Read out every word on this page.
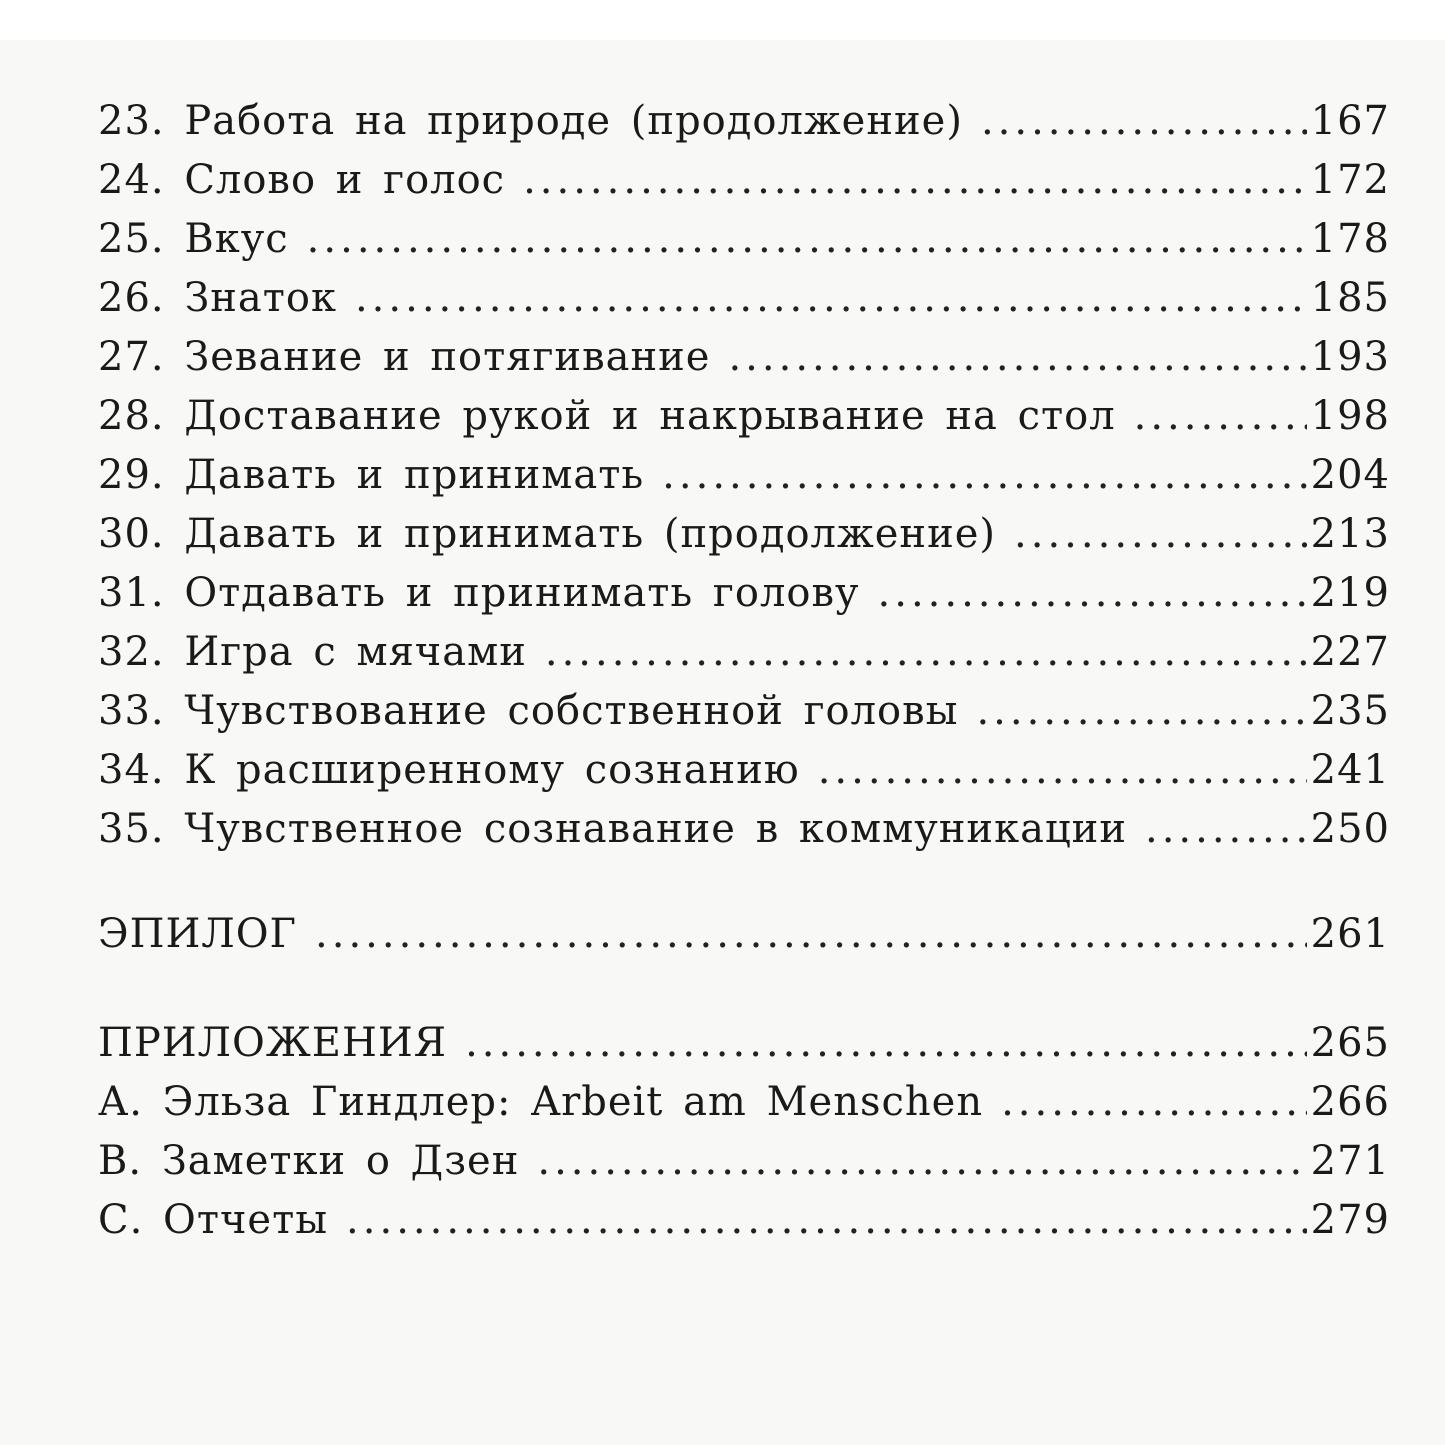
23. Работа на природе (продолжение) .....	167
24. Слово и голос .....	172
25. Вкус .....	178
26. Знаток .....	185
27. Зевание и потягивание .....	193
28. Доставание рукой и накрывание на стол .....	198
29. Давать и принимать .....	204
30. Давать и принимать (продолжение) .....	213
31. Отдавать и принимать голову .....	219
32. Игра с мячами .....	227
33. Чувствование собственной головы .....	235
34. К расширенному сознанию .....	241
35. Чувственное сознавание в коммуникации .....	250
ЭПИЛОГ .....	261
ПРИЛОЖЕНИЯ .....	265
А. Эльза Гиндлер: Arbeit am Menschen .....	266
В. Заметки о Дзен .....	271
С. Отчеты .....	279
